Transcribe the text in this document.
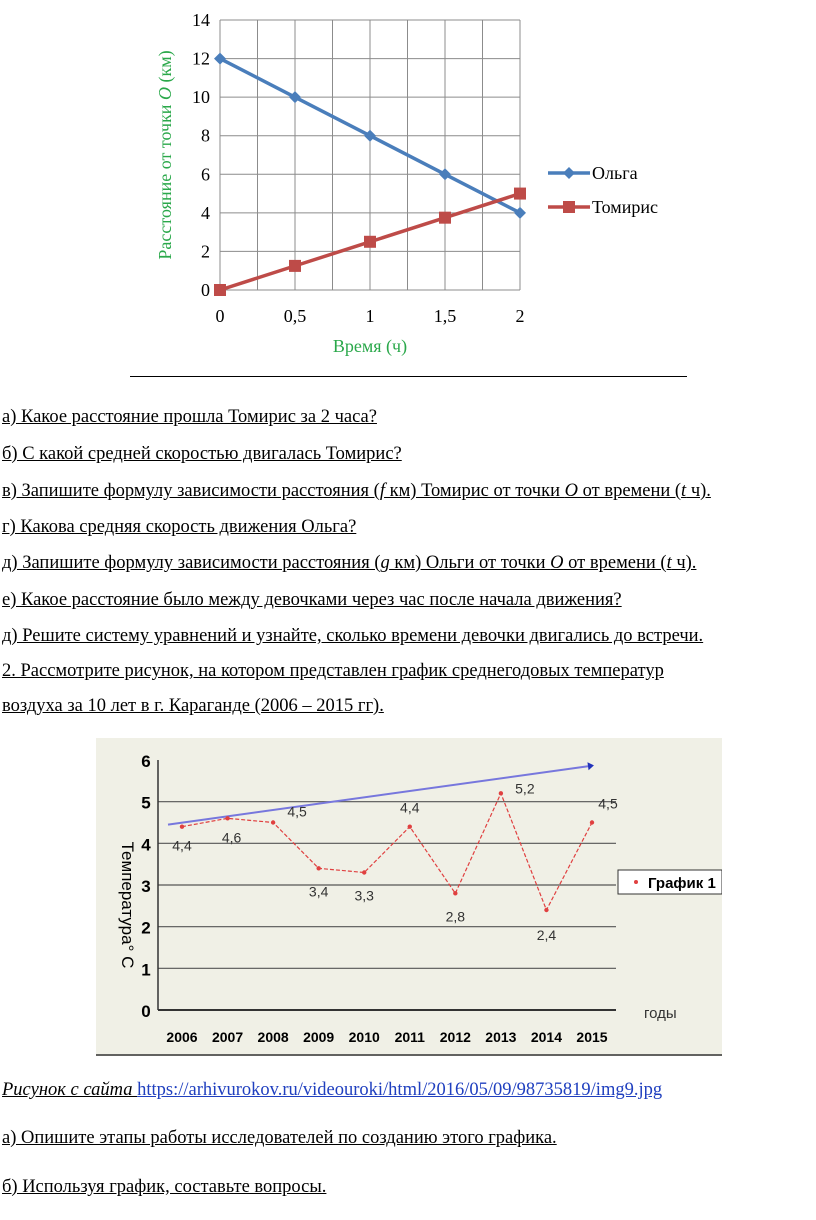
0
2
4
6
8
10
12
14
0	0,5	1	1,5	2
Время (ч)
Расстояние от точки O (км)
Ольга
Томирис

а) Какое расстояние прошла Томирис за 2 часа?

б) С какой средней скоростью двигалась Томирис?

в) Запишите формулу зависимости расстояния (f км) Томирис от точки O от времени (t ч).

г) Какова средняя скорость движения Ольга?

д) Запишите формулу зависимости расстояния (g км) Ольги от точки O от времени (t ч).

е) Какое расстояние было между девочками через час после начала движения?

д) Решите систему уравнений и узнайте, сколько времени девочки двигались до встречи.

2. Рассмотрите рисунок, на котором представлен график среднегодовых температур

воздуха за 10 лет в г. Караганде (2006 – 2015 гг).

0
1
2
3
4
5
6
2006 2007 2008 2009 2010 2011 2012 2013 2014 2015
Температура° С
годы
4,4
4,6
4,5
3,4 3,3
4,4
2,8
5,2
2,4
4,5
График 1
Рисунок с сайта https://arhivurokov.ru/videouroki/html/2016/05/09/98735819/img9.jpg

а) Опишите этапы работы исследователей по созданию этого графика.

б) Используя график, составьте вопросы.
